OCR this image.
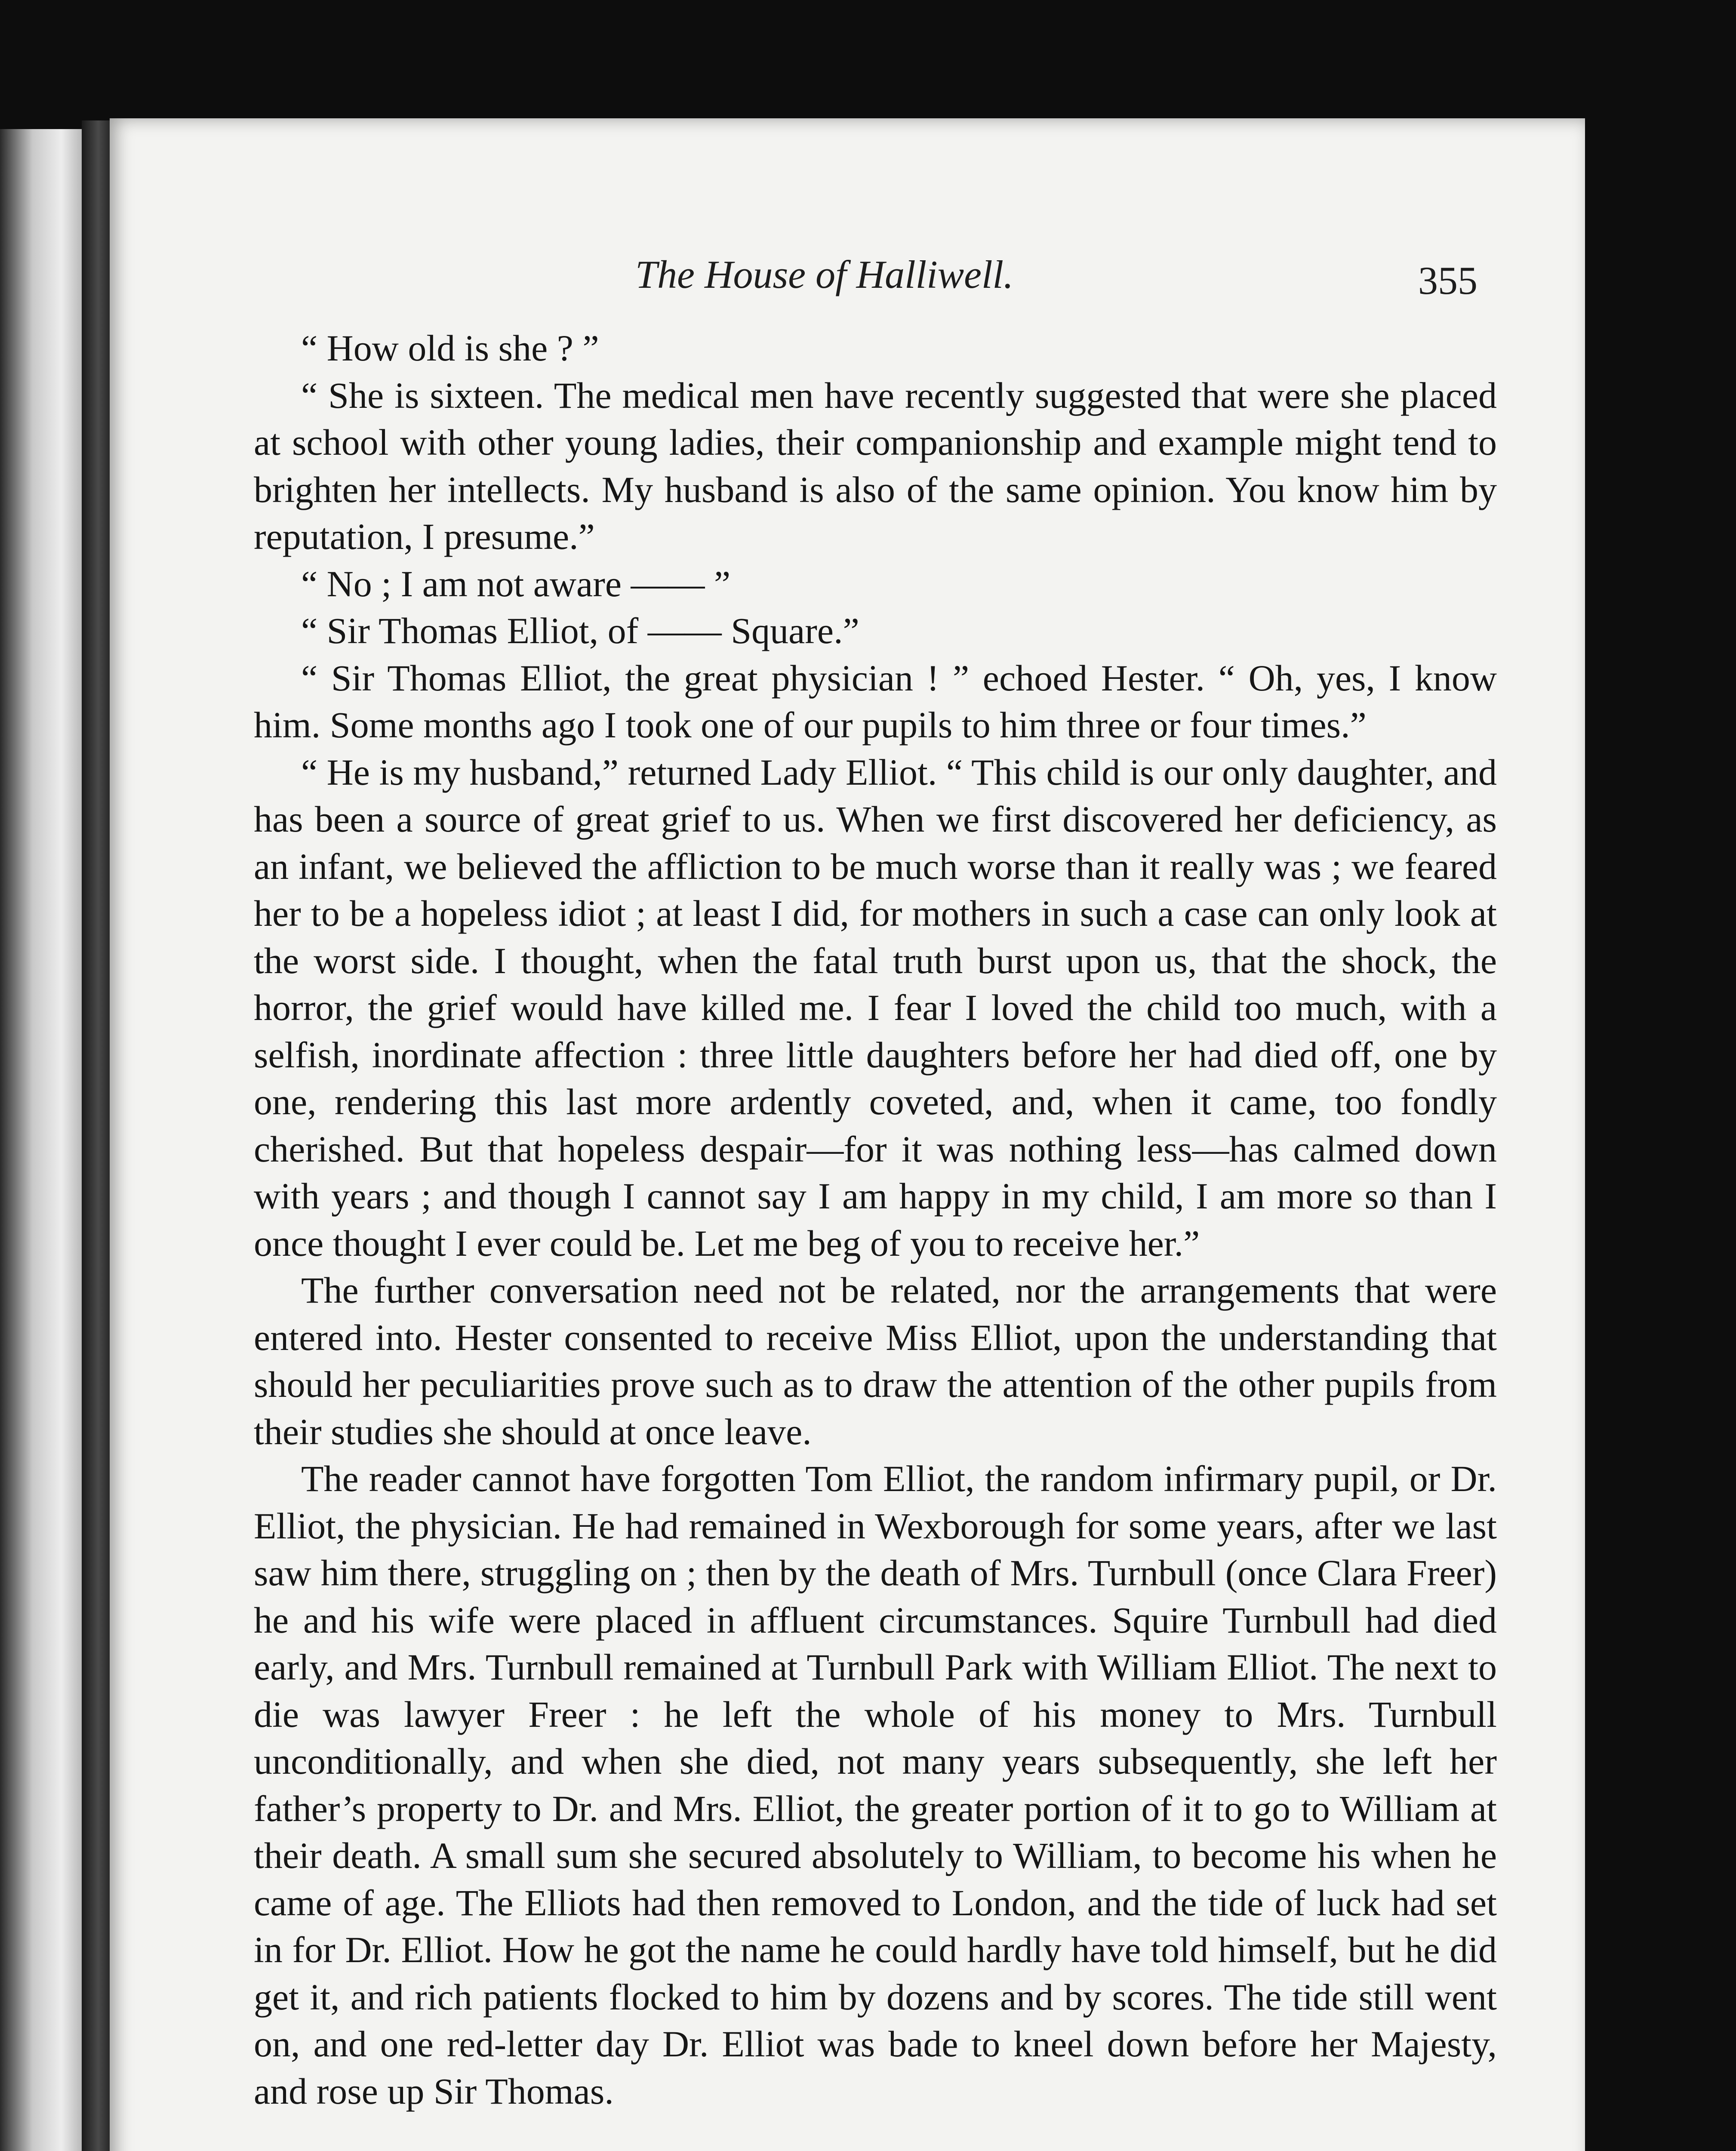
The House of Halliwell.	355

“ How old is she ? ”

“ She is sixteen. The medical men have recently suggested that were she placed at school with other young ladies, their companionship and example might tend to brighten her intellects. My husband is also of the same opinion. You know him by reputation, I presume.”

“ No ; I am not aware —— ”

“ Sir Thomas Elliot, of —— Square.”

“ Sir Thomas Elliot, the great physician ! ” echoed Hester. “ Oh, yes, I know him. Some months ago I took one of our pupils to him three or four times.”

“ He is my husband,” returned Lady Elliot. “ This child is our only daughter, and has been a source of great grief to us. When we first discovered her deficiency, as an infant, we believed the affliction to be much worse than it really was ; we feared her to be a hopeless idiot ; at least I did, for mothers in such a case can only look at the worst side. I thought, when the fatal truth burst upon us, that the shock, the horror, the grief would have killed me. I fear I loved the child too much, with a selfish, inordinate affection : three little daughters before her had died off, one by one, rendering this last more ardently coveted, and, when it came, too fondly cherished. But that hopeless despair—for it was nothing less—has calmed down with years ; and though I cannot say I am happy in my child, I am more so than I once thought I ever could be. Let me beg of you to receive her.”

The further conversation need not be related, nor the arrangements that were entered into. Hester consented to receive Miss Elliot, upon the understanding that should her peculiarities prove such as to draw the attention of the other pupils from their studies she should at once leave.

The reader cannot have forgotten Tom Elliot, the random infirmary pupil, or Dr. Elliot, the physician. He had remained in Wexborough for some years, after we last saw him there, struggling on ; then by the death of Mrs. Turnbull (once Clara Freer) he and his wife were placed in affluent circumstances. Squire Turnbull had died early, and Mrs. Turnbull remained at Turnbull Park with William Elliot. The next to die was lawyer Freer : he left the whole of his money to Mrs. Turnbull unconditionally, and when she died, not many years subsequently, she left her father’s property to Dr. and Mrs. Elliot, the greater portion of it to go to William at their death. A small sum she secured absolutely to William, to become his when he came of age. The Elliots had then removed to London, and the tide of luck had set in for Dr. Elliot. How he got the name he could hardly have told himself, but he did get it, and rich patients flocked to him by dozens and by scores. The tide still went on, and one red-letter day Dr. Elliot was bade to kneel down before her Majesty, and rose up Sir Thomas.
